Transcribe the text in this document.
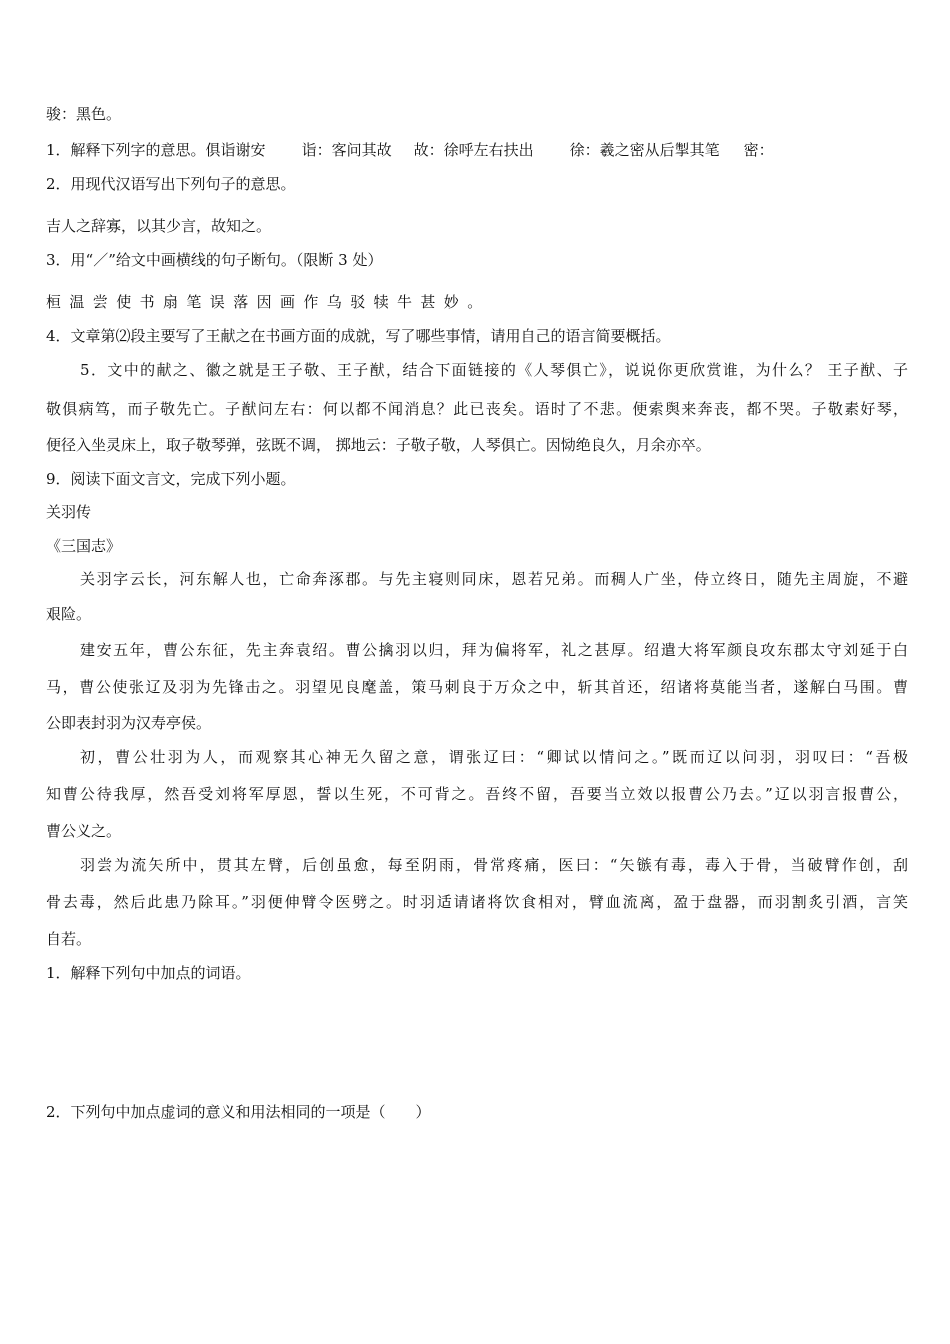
骏：黑色。
1．解释下列字的意思。俱诣谢安 诣：客问其故 故：徐呼左右扶出 徐：羲之密从后掣其笔 密：
2．用现代汉语写出下列句子的意思。
吉人之辞寡，以其少言，故知之。
3．用“／”给文中画横线的句子断句。（限断 3 处）
桓温尝使书扇笔误落因画作乌驳犊牛甚妙。
4．文章第⑵段主要写了王献之在书画方面的成就，写了哪些事情，请用自己的语言简要概括。
5．文中的献之、徽之就是王子敬、王子猷，结合下面链接的《人琴俱亡》，说说你更欣赏谁，为什么？ 王子猷、子
敬俱病笃，而子敬先亡。子猷问左右：何以都不闻消息？此已丧矣。语时了不悲。便索舆来奔丧，都不哭。子敬素好琴，
便径入坐灵床上，取子敬琴弹，弦既不调， 掷地云：子敬子敬，人琴俱亡。因恸绝良久，月余亦卒。
9．阅读下面文言文，完成下列小题。
关羽传
《三国志》
关羽字云长，河东解人也，亡命奔涿郡。与先主寝则同床，恩若兄弟。而稠人广坐，侍立终日，随先主周旋，不避
艰险。
建安五年，曹公东征，先主奔袁绍。曹公擒羽以归，拜为偏将军，礼之甚厚。绍遣大将军颜良攻东郡太守刘延于白
马，曹公使张辽及羽为先锋击之。羽望见良麾盖，策马刺良于万众之中，斩其首还，绍诸将莫能当者，遂解白马围。曹
公即表封羽为汉寿亭侯。
初，曹公壮羽为人，而观察其心神无久留之意，谓张辽曰：“卿试以情问之。”既而辽以问羽，羽叹曰：“吾极
知曹公待我厚，然吾受刘将军厚恩，誓以生死，不可背之。吾终不留，吾要当立效以报曹公乃去。”辽以羽言报曹公，
曹公义之。
羽尝为流矢所中，贯其左臂，后创虽愈，每至阴雨，骨常疼痛，医曰：“矢镞有毒，毒入于骨，当破臂作创，刮
骨去毒，然后此患乃除耳。”羽便伸臂令医劈之。时羽适请诸将饮食相对，臂血流离，盈于盘器，而羽割炙引酒，言笑
自若。
1．解释下列句中加点的词语。
2．下列句中加点虚词的意义和用法相同的一项是（　　）
